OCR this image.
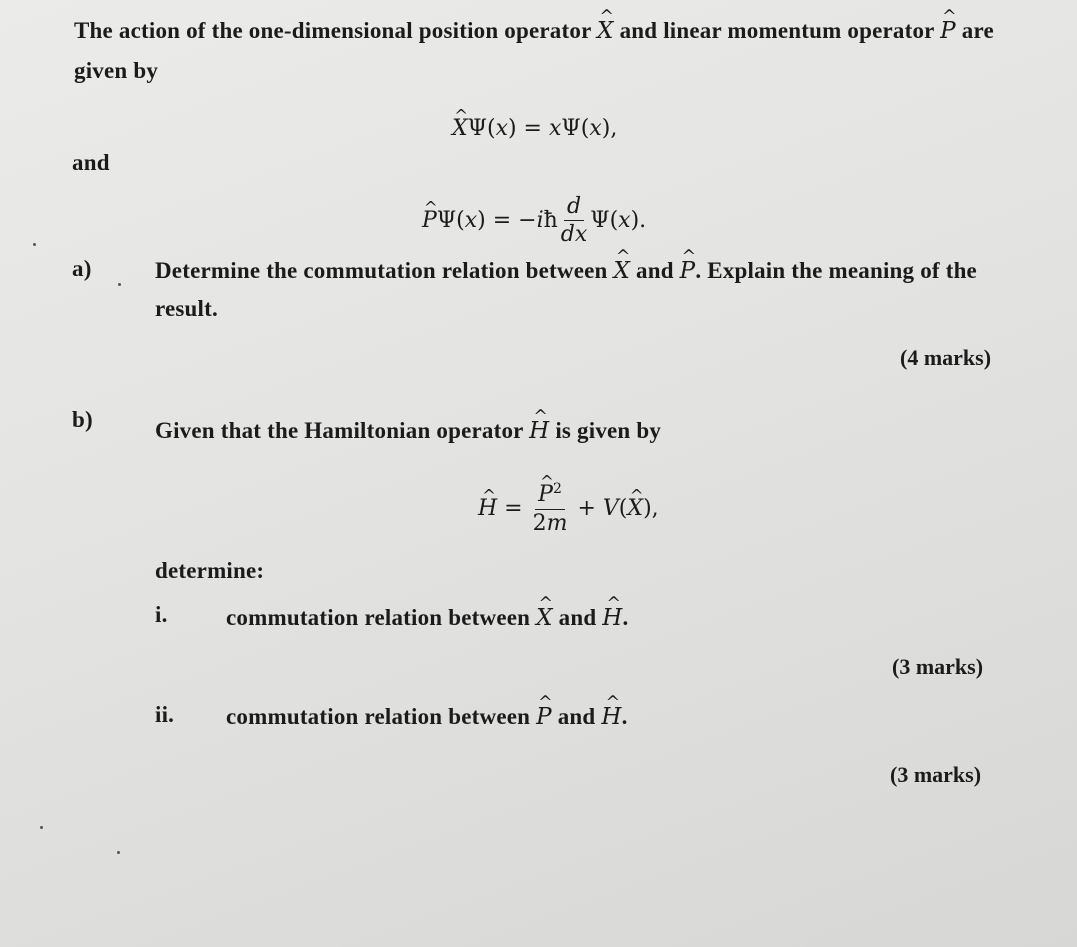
The action of the one-dimensional position operator ^ X and linear momentum operator ^ P are
given by
^ XΨ(x) = xΨ(x),
and
^ PΨ(x) = −iħ $\frac{d}{dx} \Psi(x)$.
a)	Determine the commutation relation between ^ X and ^ P. Explain the meaning of the
result.
(4 marks)
b)	Given that the Hamiltonian operator ^ H is given by
^ H = ^ $\frac{P^2}{2m}$ + V(^ X),
determine:
i.	commutation relation between ^ X and ^ H.
(3 marks)
ii. commutation relation between ^ P and ^ H.
(3 marks)
